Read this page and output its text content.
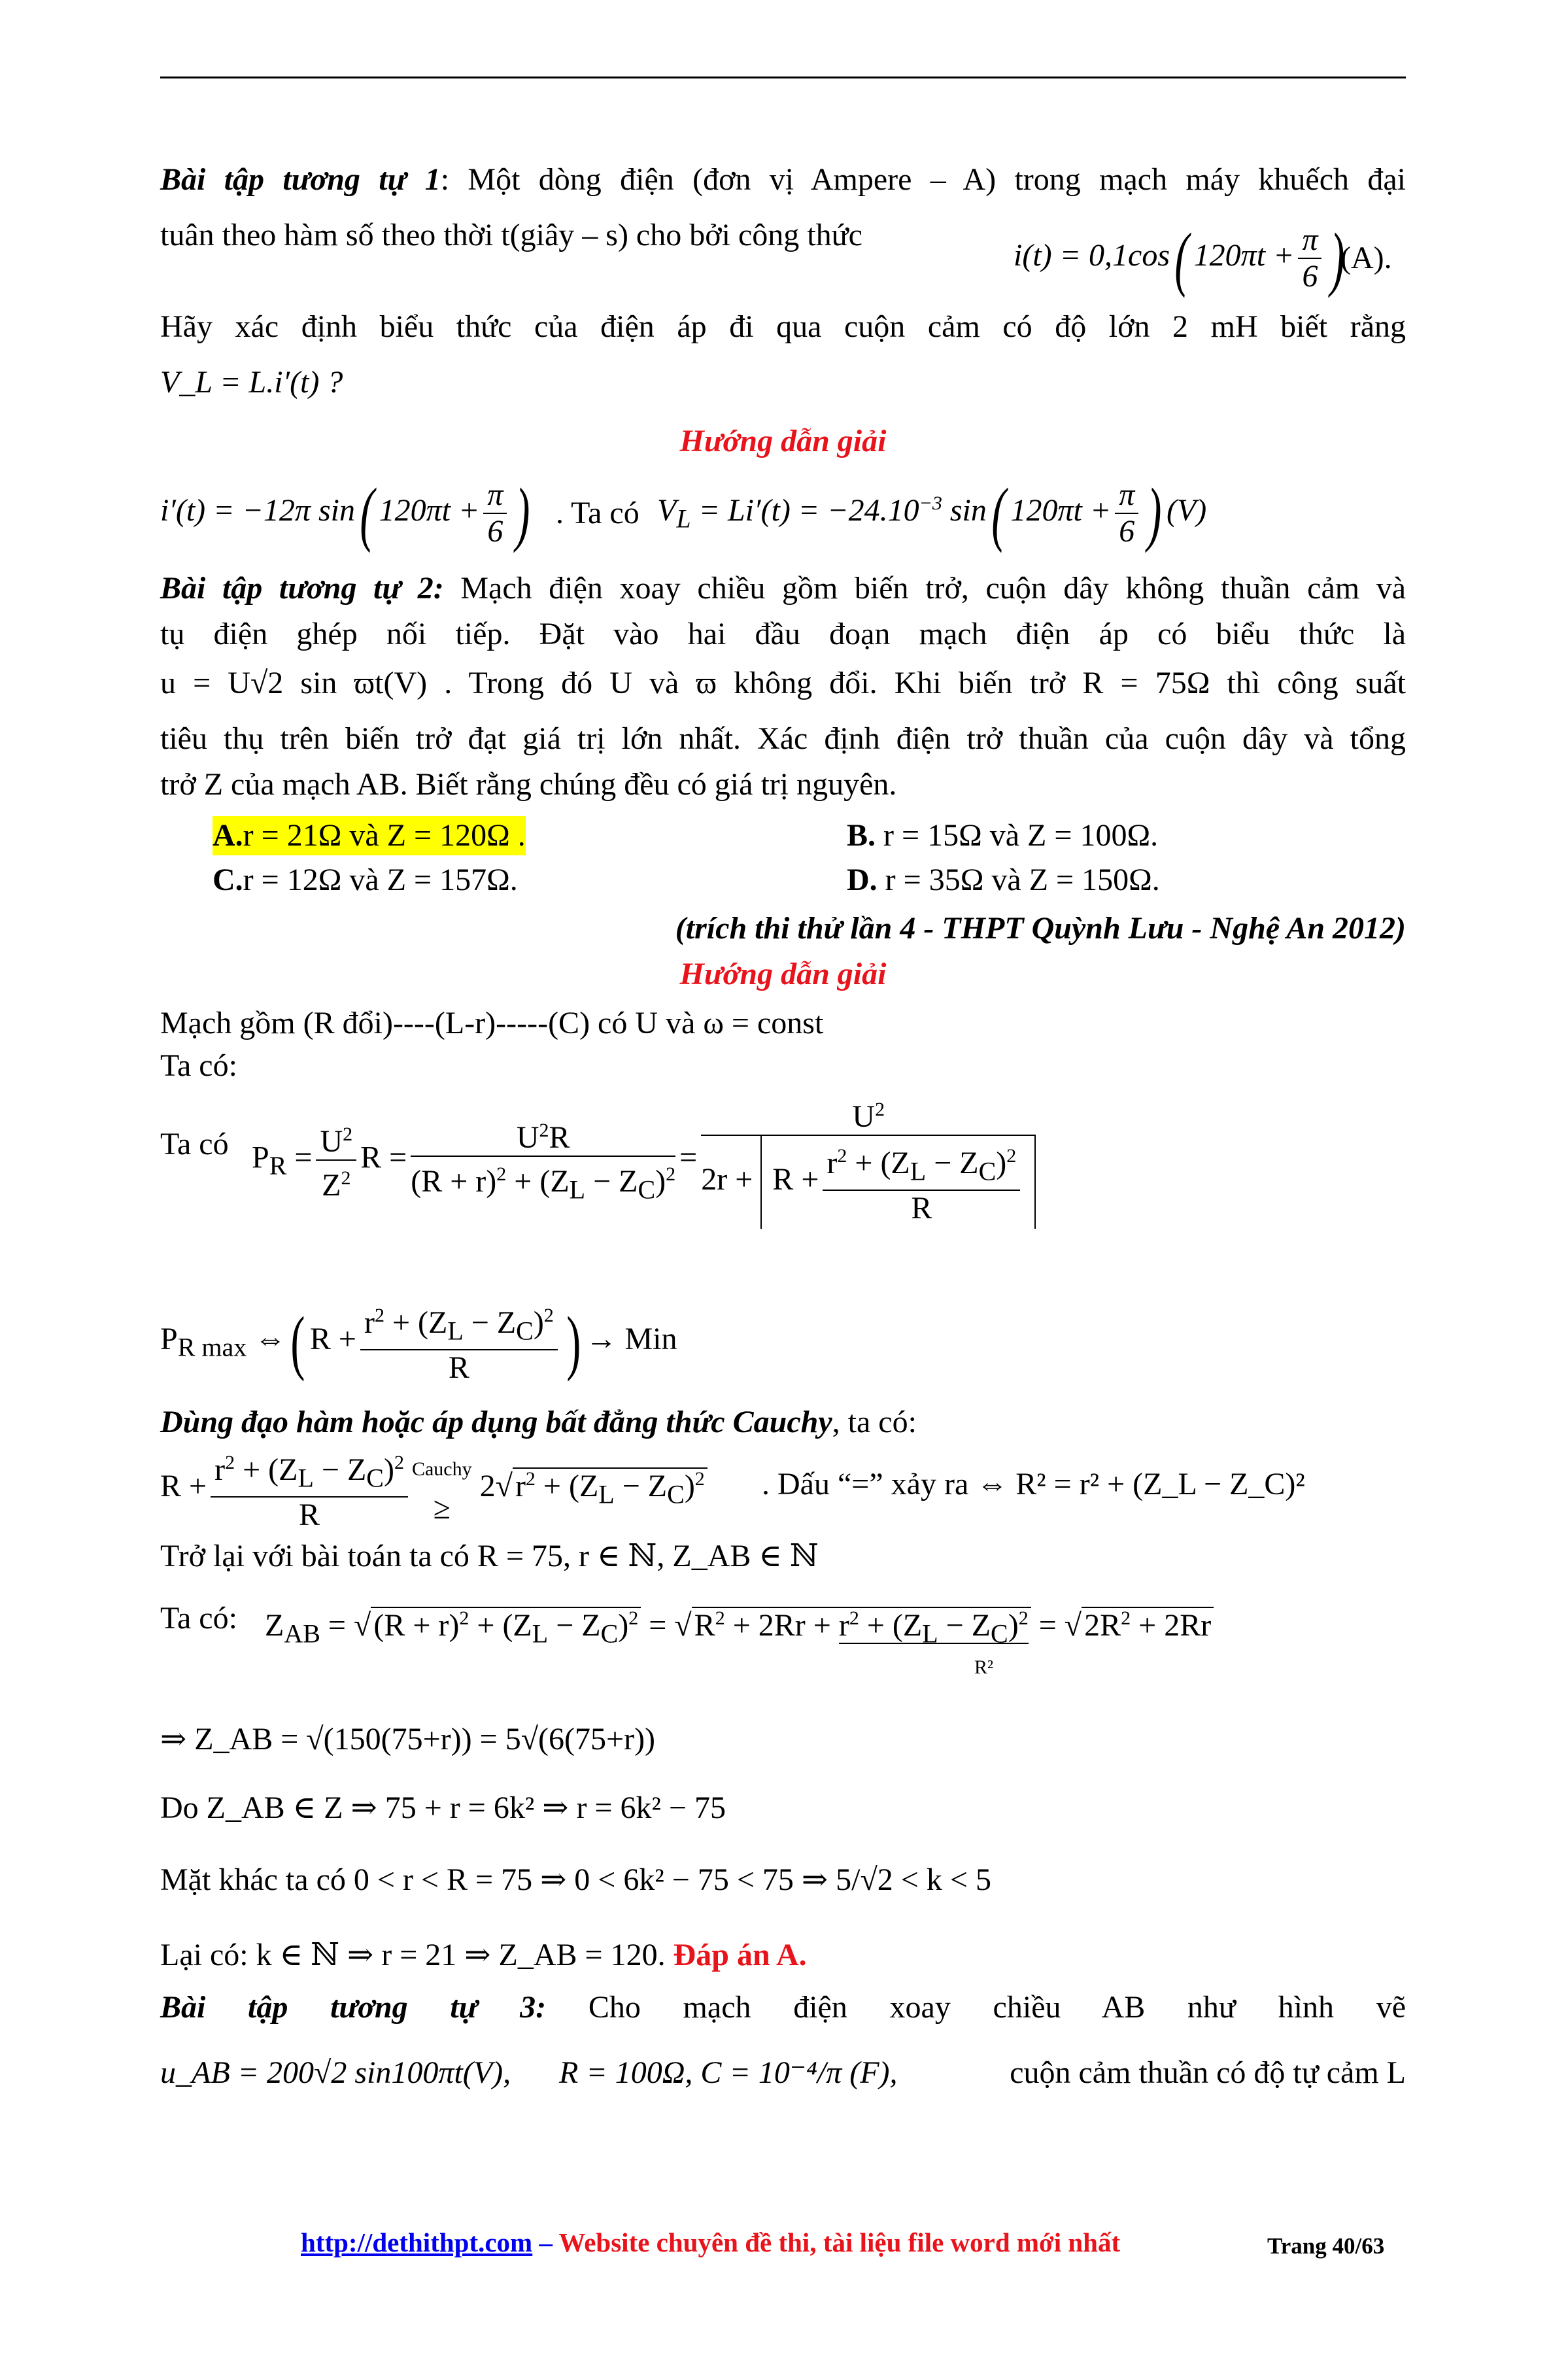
Bài tập tương tự 1: Một dòng điện (đơn vị Ampere – A) trong mạch máy khuếch đại
tuân theo hàm số theo thời t(giây – s) cho bởi công thức
i(t) = 0,1cos( $120\pi t + \frac{\pi}{6}$ )
(A).
Hãy xác định biểu thức của điện áp đi qua cuộn cảm có độ lớn 2 mH biết rằng
V_L = L.i′(t) ?
Hướng dẫn giải
i′(t) = −12π sin( $120\pi t + \frac{\pi}{6}$ ) . Ta có $V_L = Li'(t) = -24.10^{-3}$ sin( $120\pi t + \frac{\pi}{6}$ ) (V)
Bài tập tương tự 2: Mạch điện xoay chiều gồm biến trở, cuộn dây không thuần cảm và
tụ điện ghép nối tiếp. Đặt vào hai đầu đoạn mạch điện áp có biểu thức là
u = U√2 sin ϖt(V) . Trong đó U và ϖ không đổi. Khi biến trở R = 75Ω thì công suất
tiêu thụ trên biến trở đạt giá trị lớn nhất. Xác định điện trở thuần của cuộn dây và tổng
trở Z của mạch AB. Biết rằng chúng đều có giá trị nguyên.
A.r = 21Ω và Z = 120Ω .	B. r = 15Ω và Z = 100Ω.
C.r = 12Ω và Z = 157Ω.	D. r = 35Ω và Z = 150Ω.
(trích thi thử lần 4 - THPT Quỳnh Lưu - Nghệ An 2012)
Hướng dẫn giải
Mạch gồm (R đổi)----(L-r)-----(C) có U và ω = const
Ta có:
Ta có $P_R = \frac{U^2}{Z^2}$ $R = \frac{U^2R}{(R + r)^2 + (Z_L - Z_C)^2} = \frac{U^2}{2r + R + \frac{r^2 + (Z_L - Z_C)^2}{R}}$
$P_{R max}$ ⇔( $R + \frac{r^2 + (Z_L - Z_C)^2}{R}$ ) → Min
Dùng đạo hàm hoặc áp dụng bất đẳng thức Cauchy, ta có:
$R + \frac{r^2 + (Z_L - Z_C)^2}{R}$ Cauchy
≥ $2√r^2 + (Z_L - Z_C)^2$ . Dấu “=” xảy ra ⇔ R² = r² + (Z_L − Z_C)²
Trở lại với bài toán ta có R = 75, r ∈ ℕ, Z_AB ∈ ℕ
Ta có: $Z_{AB} = √(R + r)^2 + (Z_L - Z_C)^2 = √R^2 + 2Rr + r^2 + (Z_L - Z_C)^2 = √2R^2 + 2Rr$
R²
⇒ Z_AB = √(150(75+r)) = 5√(6(75+r))
Do Z_AB ∈ Z ⇒ 75 + r = 6k² ⇒ r = 6k² − 75
Mặt khác ta có 0 < r < R = 75 ⇒ 0 < 6k² − 75 < 75 ⇒ 5/√2 < k < 5
Lại có: k ∈ ℕ ⇒ r = 21 ⇒ Z_AB = 120. Đáp án A.
Bài tập tương tự 3: Cho mạch điện xoay chiều AB như hình vẽ
u_AB = 200√2 sin100πt(V), R = 100Ω, C = 10⁻⁴/π (F),	cuộn cảm thuần có độ tự cảm L
http://dethithpt.com – Website chuyên đề thi, tài liệu file word mới nhất	Trang 40/63
